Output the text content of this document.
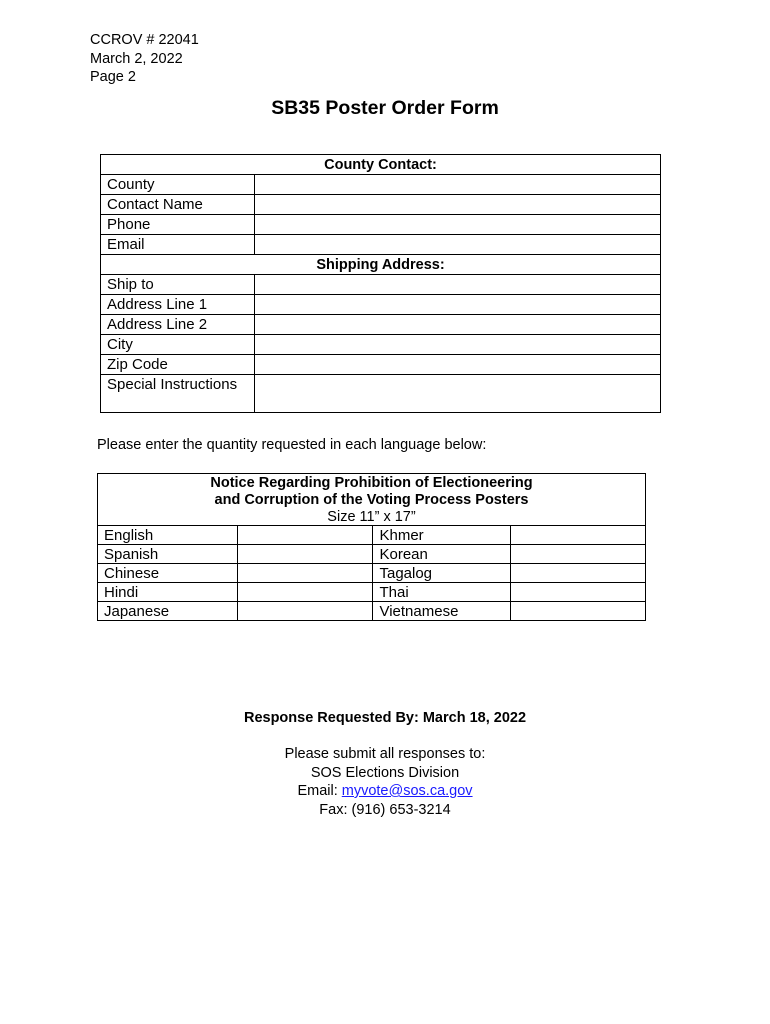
CCROV # 22041
March 2, 2022
Page 2
SB35 Poster Order Form
County Contact:	
County	
Contact Name	
Phone	
Email	
Shipping Address:	
Ship to	
Address Line 1	
Address Line 2	
City	
Zip Code	
Special Instructions	
Please enter the quantity requested in each language below:
Notice Regarding Prohibition of Electioneering
and Corruption of the Voting Process Posters
Size 11” x 17”			

English		Khmer	
Spanish		Korean	
Chinese		Tagalog	
Hindi		Thai	
Japanese		Vietnamese	
Response Requested By: March 18, 2022
Please submit all responses to:
SOS Elections Division
Email: myvote@sos.ca.gov
Fax: (916) 653-3214
